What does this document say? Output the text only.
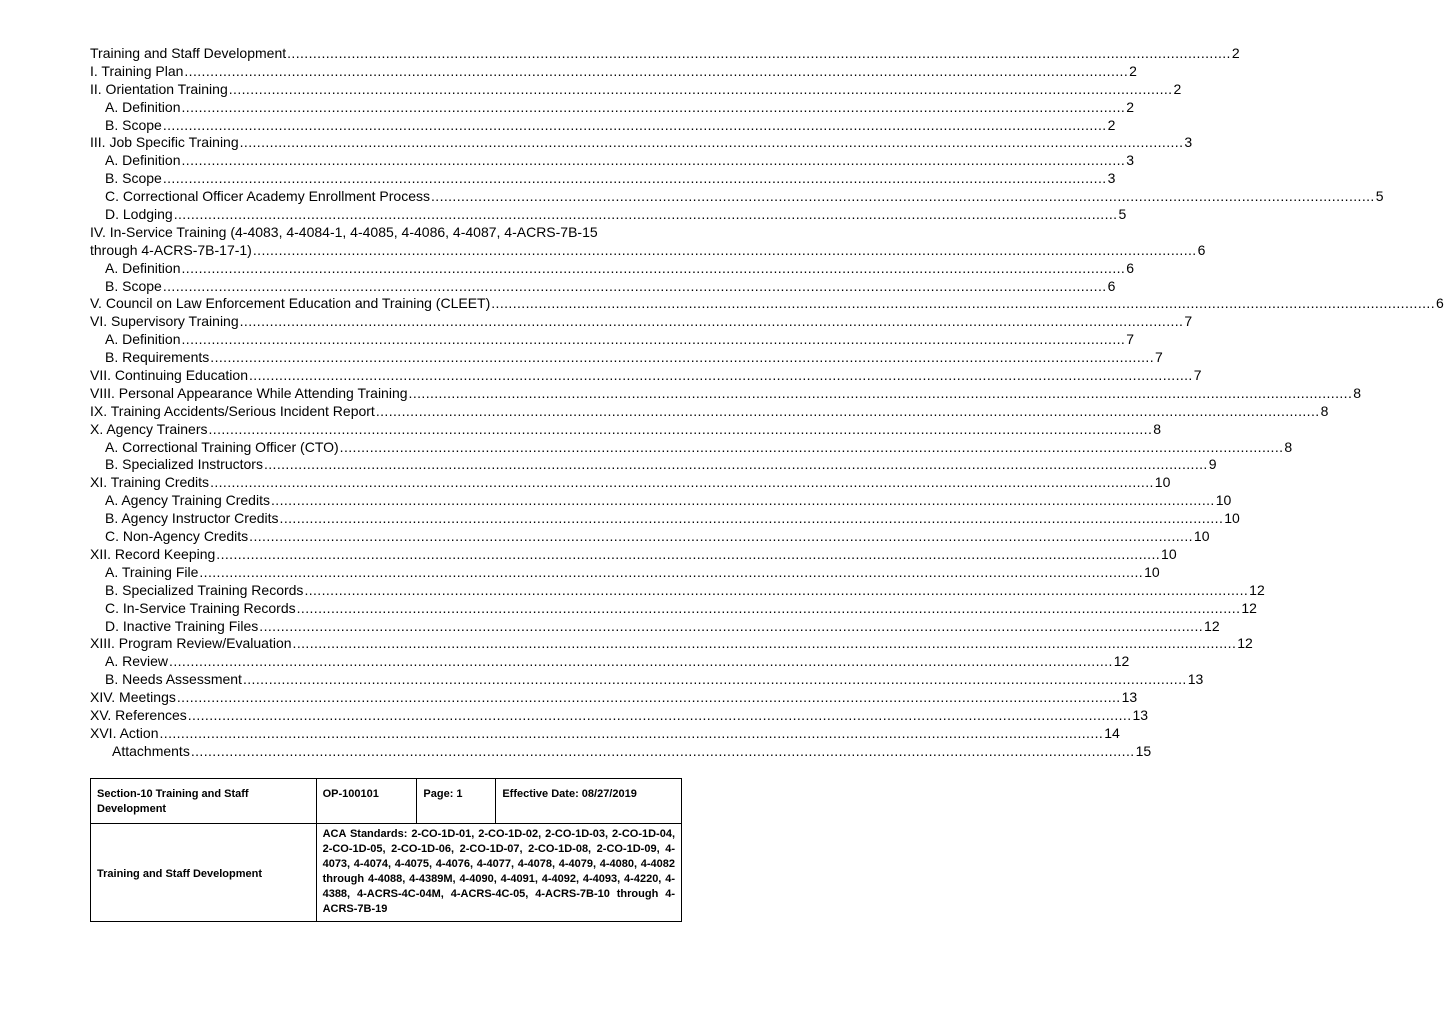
Training and Staff Development ............................................................................................................................................................................................................................ 2
I. Training Plan ............................................................................................................................................................................................................................ 2
II. Orientation Training ............................................................................................................................................................................................................................ 2
A. Definition ............................................................................................................................................................................................................................ 2
B. Scope ............................................................................................................................................................................................................................ 2
III. Job Specific Training ............................................................................................................................................................................................................................ 3
A. Definition ............................................................................................................................................................................................................................ 3
B. Scope ............................................................................................................................................................................................................................ 3
C. Correctional Officer Academy Enrollment Process ............................................................................................................................................................................................................................ 5
D. Lodging ............................................................................................................................................................................................................................ 5
IV. In-Service Training (4-4083, 4-4084-1, 4-4085, 4-4086, 4-4087, 4-ACRS-7B-15
through 4-ACRS-7B-17-1) ............................................................................................................................................................................................................................ 6
A. Definition ............................................................................................................................................................................................................................ 6
B. Scope ............................................................................................................................................................................................................................ 6
V. Council on Law Enforcement Education and Training (CLEET) ............................................................................................................................................................................................................................ 6
VI. Supervisory Training ............................................................................................................................................................................................................................ 7
A. Definition ............................................................................................................................................................................................................................ 7
B. Requirements ............................................................................................................................................................................................................................ 7
VII. Continuing Education ............................................................................................................................................................................................................................ 7
VIII. Personal Appearance While Attending Training ............................................................................................................................................................................................................................ 8
IX. Training Accidents/Serious Incident Report ............................................................................................................................................................................................................................ 8
X. Agency Trainers ............................................................................................................................................................................................................................ 8
A. Correctional Training Officer (CTO) ............................................................................................................................................................................................................................ 8
B. Specialized Instructors ............................................................................................................................................................................................................................ 9
XI. Training Credits ............................................................................................................................................................................................................................ 10
A. Agency Training Credits ............................................................................................................................................................................................................................ 10
B. Agency Instructor Credits ............................................................................................................................................................................................................................ 10
C. Non-Agency Credits ............................................................................................................................................................................................................................ 10
XII. Record Keeping ............................................................................................................................................................................................................................ 10
A. Training File ............................................................................................................................................................................................................................ 10
B. Specialized Training Records ............................................................................................................................................................................................................................ 12
C. In-Service Training Records ............................................................................................................................................................................................................................ 12
D. Inactive Training Files ............................................................................................................................................................................................................................ 12
XIII. Program Review/Evaluation ............................................................................................................................................................................................................................ 12
A. Review ............................................................................................................................................................................................................................ 12
B. Needs Assessment ............................................................................................................................................................................................................................ 13
XIV. Meetings ............................................................................................................................................................................................................................ 13
XV. References ............................................................................................................................................................................................................................ 13
XVI. Action ............................................................................................................................................................................................................................ 14
Attachments ............................................................................................................................................................................................................................ 15
Section-10 Training and Staff Development	OP-100101	Page: 1	Effective Date: 08/27/2019
Training and Staff Development	ACA Standards: 2-CO-1D-01, 2-CO-1D-02, 2-CO-1D-03, 2-CO-1D-04, 2-CO-1D-05, 2-CO-1D-06, 2-CO-1D-07, 2-CO-1D-08, 2-CO-1D-09, 4-4073, 4-4074, 4-4075, 4-4076, 4-4077, 4-4078, 4-4079, 4-4080, 4-4082 through 4-4088, 4-4389M, 4-4090, 4-4091, 4-4092, 4-4093, 4-4220, 4-4388, 4-ACRS-4C-04M, 4-ACRS-4C-05, 4-ACRS-7B-10 through 4-ACRS-7B-19		
